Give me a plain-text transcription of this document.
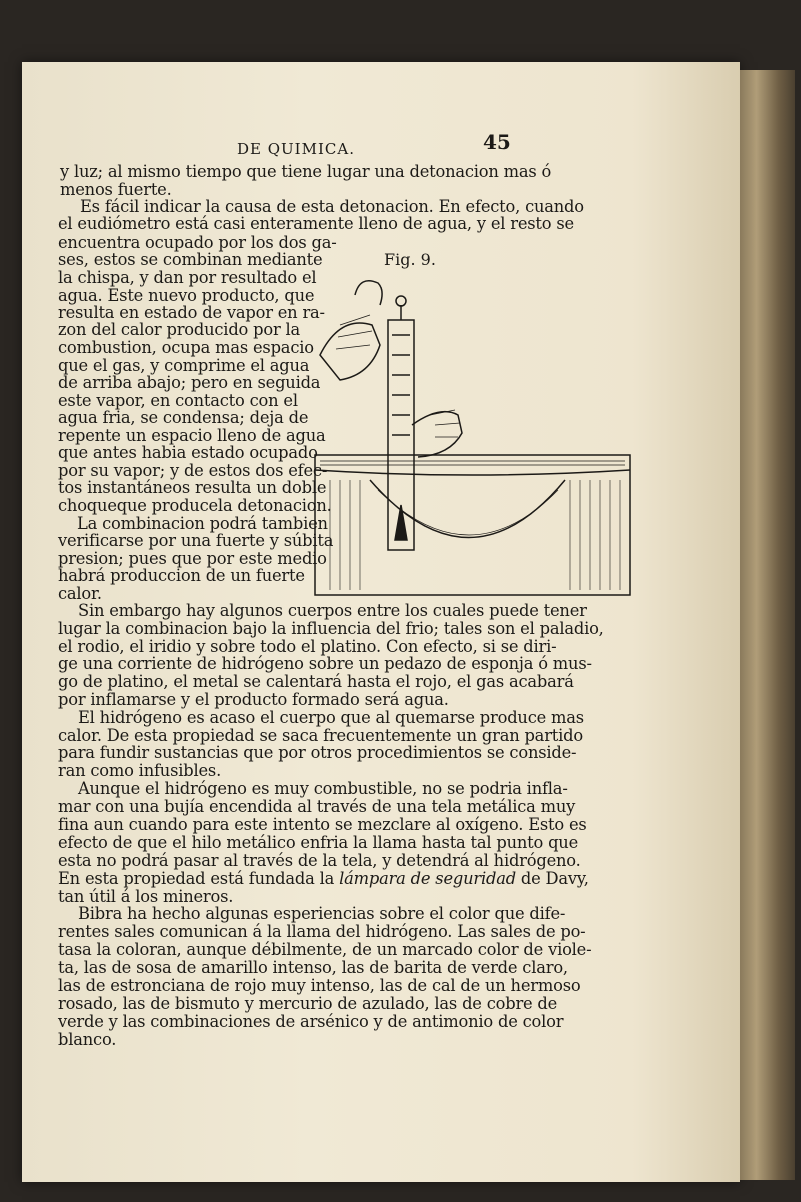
DE QUIMICA.	45
y luz; al mismo tiempo que tiene lugar una detonacion mas ó
menos fuerte.
Es fácil indicar la causa de esta detonacion. En efecto, cuando
el eudiómetro está casi enteramente lleno de agua, y el resto se
encuentra ocupado por los dos ga-
ses, estos se combinan mediante
la chispa, y dan por resultado el
agua. Este nuevo producto, que
resulta en estado de vapor en ra-
zon del calor producido por la
combustion, ocupa mas espacio
que el gas, y comprime el agua
de arriba abajo; pero en seguida
este vapor, en contacto con el
agua fria, se condensa; deja de
repente un espacio lleno de agua
que antes habia estado ocupado
por su vapor; y de estos dos efec-
tos instantáneos resulta un doble
choqueque producela detonacion.
La combinacion podrá tambien
verificarse por una fuerte y súbita
presion; pues que por este medio
habrá produccion de un fuerte
calor.
Fig. 9.
Sin embargo hay algunos cuerpos entre los cuales puede tener
lugar la combinacion bajo la influencia del frio; tales son el paladio,
el rodio, el iridio y sobre todo el platino. Con efecto, si se diri-
ge una corriente de hidrógeno sobre un pedazo de esponja ó mus-
go de platino, el metal se calentará hasta el rojo, el gas acabará
por inflamarse y el producto formado será agua.
El hidrógeno es acaso el cuerpo que al quemarse produce mas
calor. De esta propiedad se saca frecuentemente un gran partido
para fundir sustancias que por otros procedimientos se conside-
ran como infusibles.
Aunque el hidrógeno es muy combustible, no se podria infla-
mar con una bujía encendida al través de una tela metálica muy
fina aun cuando para este intento se mezclare al oxígeno. Esto es
efecto de que el hilo metálico enfria la llama hasta tal punto que
esta no podrá pasar al través de la tela, y detendrá al hidrógeno.
En esta propiedad está fundada la lámpara de seguridad de Davy,
tan útil á los mineros.
Bibra ha hecho algunas esperiencias sobre el color que dife-
rentes sales comunican á la llama del hidrógeno. Las sales de po-
tasa la coloran, aunque débilmente, de un marcado color de viole-
ta, las de sosa de amarillo intenso, las de barita de verde claro,
las de estronciana de rojo muy intenso, las de cal de un hermoso
rosado, las de bismuto y mercurio de azulado, las de cobre de
verde y las combinaciones de arsénico y de antimonio de color
blanco.
